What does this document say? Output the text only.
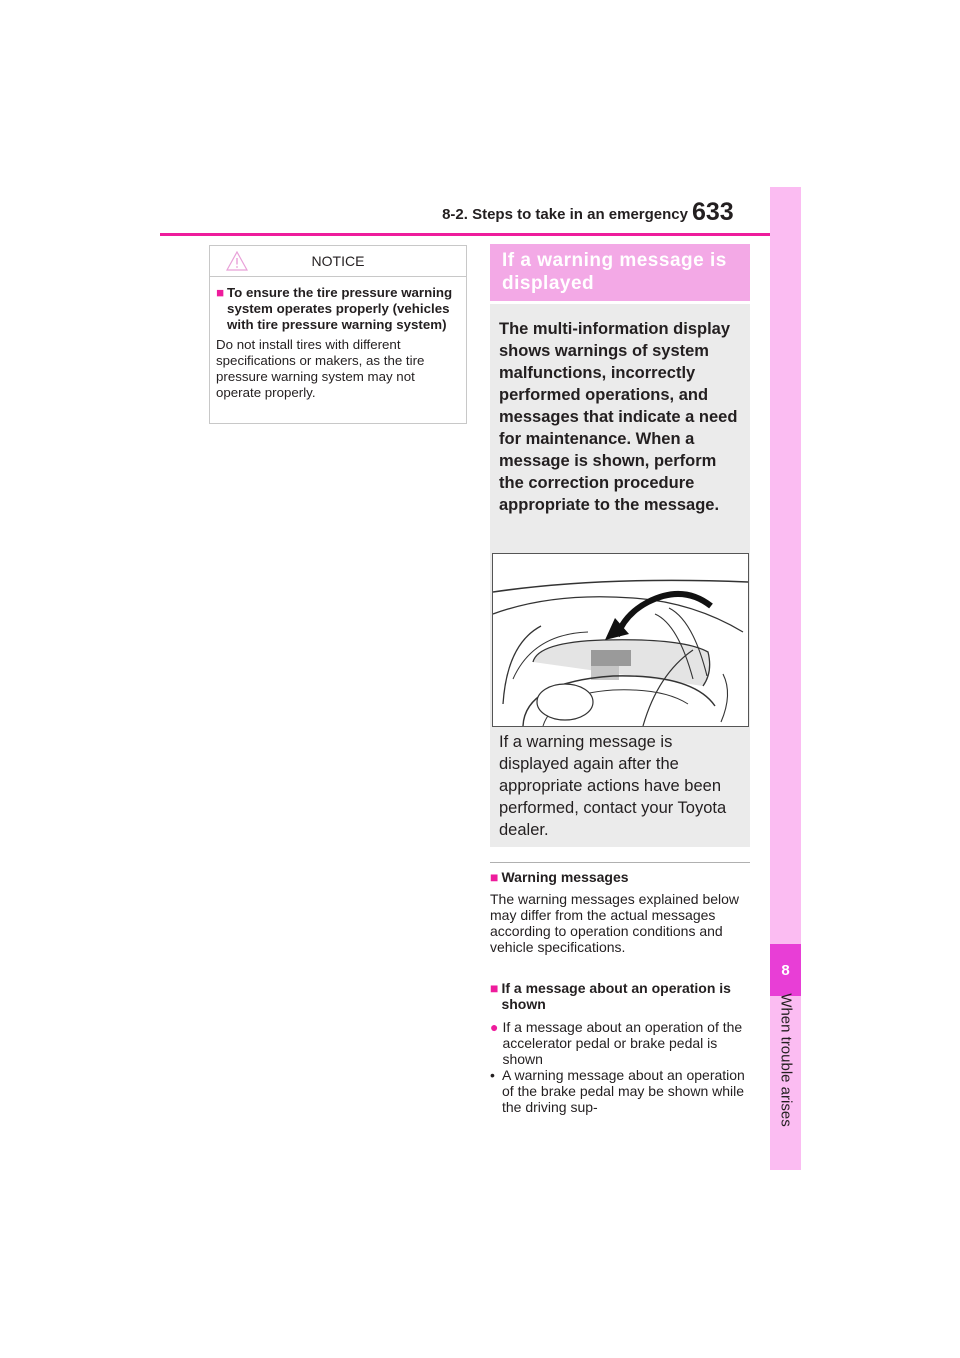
8-2. Steps to take in an emergency 633
8
When trouble arises
NOTICE
■ To ensure the tire pressure warning system operates properly (vehicles with tire pressure warning system)
Do not install tires with different specifications or makers, as the tire pressure warning system may not operate properly.
If a warning message is displayed
The multi-information display shows warnings of system malfunctions, incorrectly performed operations, and messages that indicate a need for maintenance. When a message is shown, perform the correction procedure appropriate to the message.
If a warning message is displayed again after the appropriate actions have been performed, contact your Toyota dealer.
■ Warning messages
The warning messages explained below may differ from the actual messages according to operation conditions and vehicle specifications.
■ If a message about an operation is shown
● If a message about an operation of the accelerator pedal or brake pedal is shown
• A warning message about an operation of the brake pedal may be shown while the driving sup-
